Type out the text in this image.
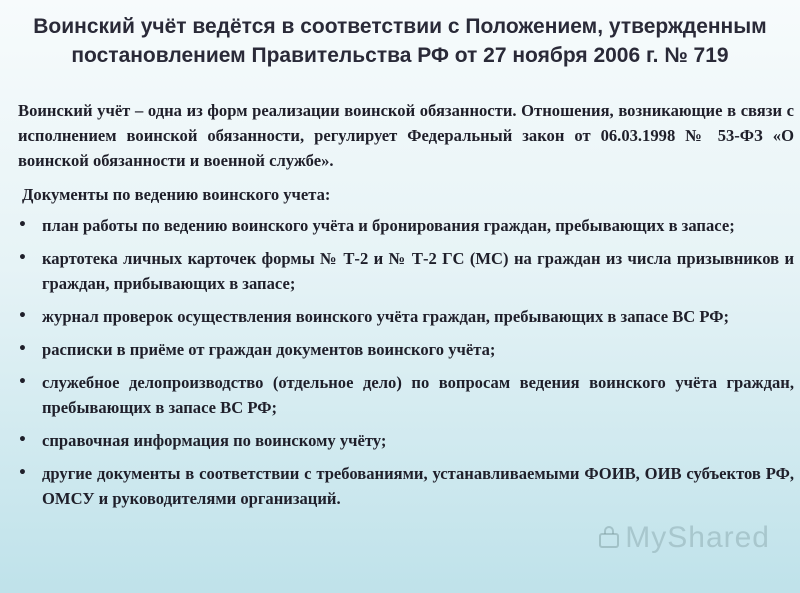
Воинский учёт ведётся в соответствии с Положением, утвержденным постановлением Правительства РФ от 27 ноября 2006 г. № 719

Воинский учёт – одна из форм реализации воинской обязанности. Отношения, возникающие в связи с исполнением воинской обязанности, регулирует Федеральный закон от 06.03.1998 № 53-ФЗ «О воинской обязанности и военной службе».

Документы по ведению воинского учета:
• план работы по ведению воинского учёта и бронирования граждан, пребывающих в запасе;
• картотека личных карточек формы № Т-2 и № Т-2 ГС (МС) на граждан из числа призывников и граждан, прибывающих в запасе;
• журнал проверок осуществления воинского учёта граждан, пребывающих в запасе ВС РФ;
• расписки в приёме от граждан документов воинского учёта;
• служебное делопроизводство (отдельное дело) по вопросам ведения воинского учёта граждан, пребывающих в запасе ВС РФ;
• справочная информация по воинскому учёту;
• другие документы в соответствии с требованиями, устанавливаемыми ФОИВ, ОИВ субъектов РФ, ОМСУ и руководителями организаций.
MyShared
